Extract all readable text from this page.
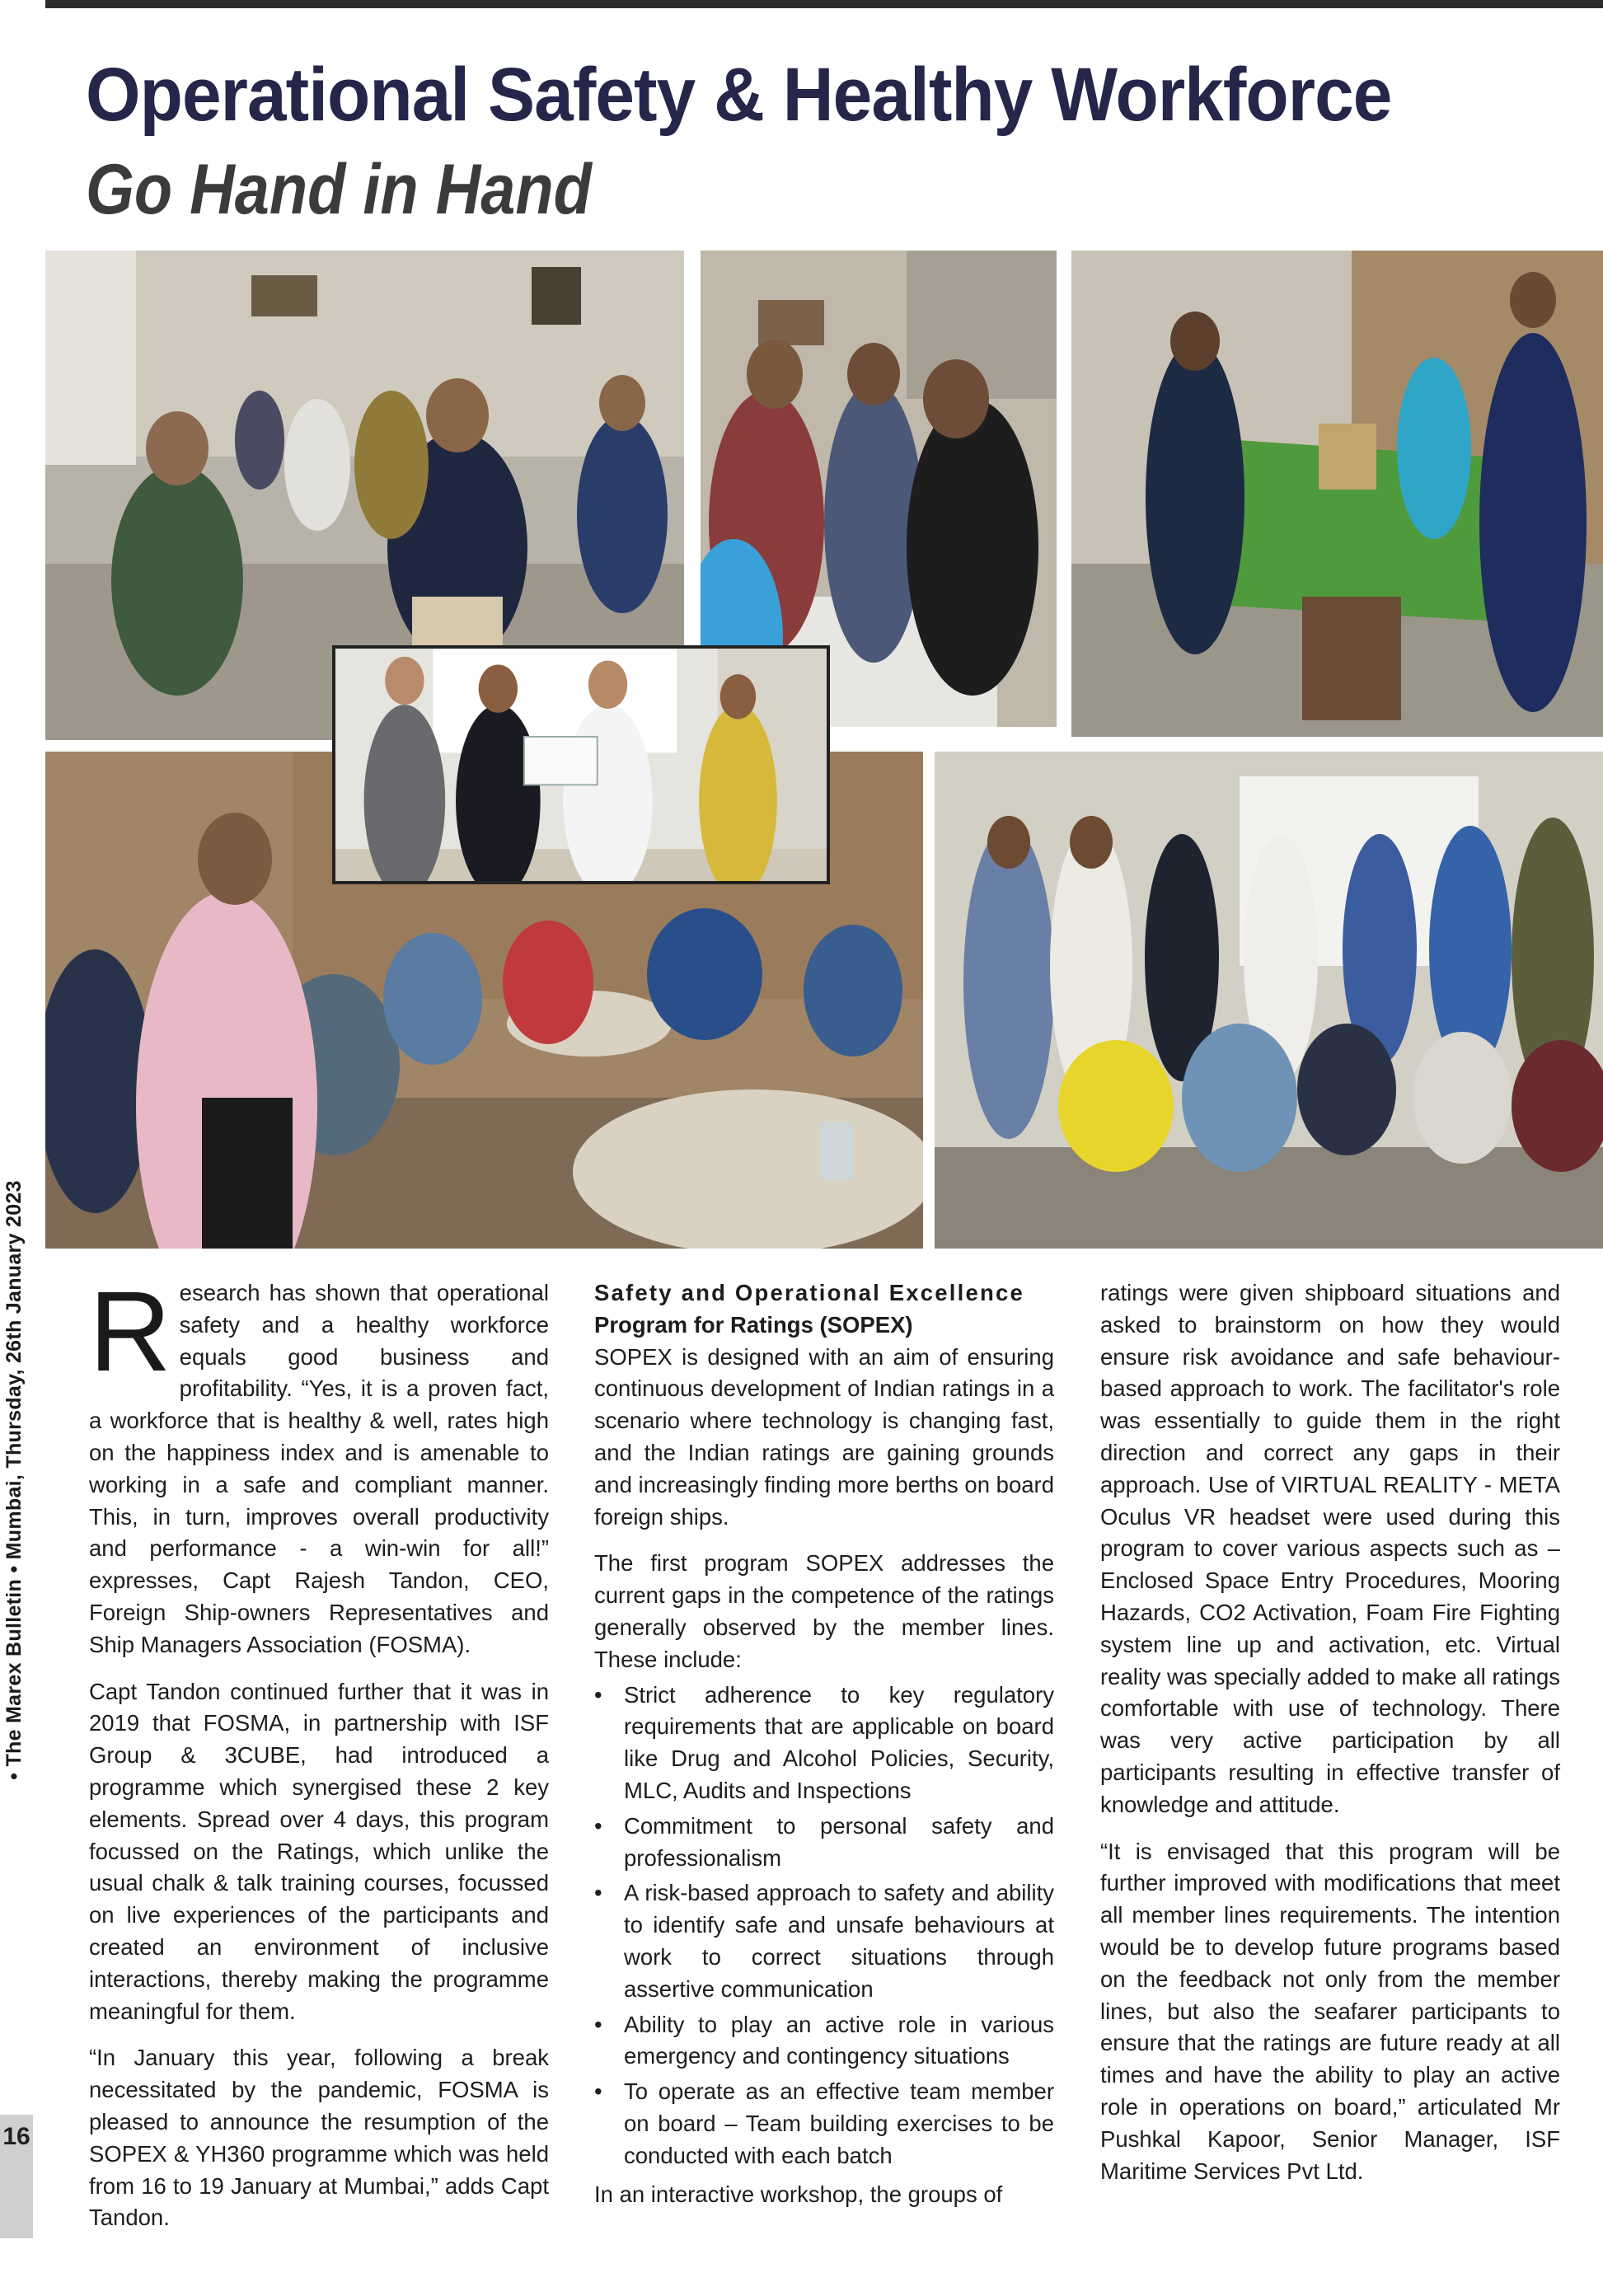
Operational Safety & Healthy Workforce
Go Hand in Hand
• The Marex Bulletin • Mumbai, Thursday, 26th January 2023
16

Research has shown that operational safety and a healthy workforce equals good business and profitability. “Yes, it is a proven fact, a workforce that is healthy & well, rates high on the happiness index and is amenable to working in a safe and compliant manner. This, in turn, improves overall productivity and performance - a win-win for all!” expresses, Capt Rajesh Tandon, CEO, Foreign Ship-owners Representatives and Ship Managers Association (FOSMA).

Capt Tandon continued further that it was in 2019 that FOSMA, in partnership with ISF Group & 3CUBE, had introduced a programme which synergised these 2 key elements. Spread over 4 days, this program focussed on the Ratings, which unlike the usual chalk & talk training courses, focussed on live experiences of the participants and created an environment of inclusive interactions, thereby making the programme meaningful for them.

“In January this year, following a break necessitated by the pandemic, FOSMA is pleased to announce the resumption of the SOPEX & YH360 programme which was held from 16 to 19 January at Mumbai,” adds Capt Tandon.

Safety and Operational Excellence
Program for Ratings (SOPEX)

SOPEX is designed with an aim of ensuring continuous development of Indian ratings in a scenario where technology is changing fast, and the Indian ratings are gaining grounds and increasingly finding more berths on board foreign ships.

The first program SOPEX addresses the current gaps in the competence of the ratings generally observed by the member lines. These include:

• Strict adherence to key regulatory requirements that are applicable on board like Drug and Alcohol Policies, Security, MLC, Audits and Inspections
• Commitment to personal safety and professionalism
• A risk-based approach to safety and ability to identify safe and unsafe behaviours at work to correct situations through assertive communication
• Ability to play an active role in various emergency and contingency situations
• To operate as an effective team member on board – Team building exercises to be conducted with each batch

In an interactive workshop, the groups of

ratings were given shipboard situations and asked to brainstorm on how they would ensure risk avoidance and safe behaviour-based approach to work. The facilitator's role was essentially to guide them in the right direction and correct any gaps in their approach. Use of VIRTUAL REALITY - META Oculus VR headset were used during this program to cover various aspects such as – Enclosed Space Entry Procedures, Mooring Hazards, CO2 Activation, Foam Fire Fighting system line up and activation, etc. Virtual reality was specially added to make all ratings comfortable with use of technology. There was very active participation by all participants resulting in effective transfer of knowledge and attitude.

“It is envisaged that this program will be further improved with modifications that meet all member lines requirements. The intention would be to develop future programs based on the feedback not only from the member lines, but also the seafarer participants to ensure that the ratings are future ready at all times and have the ability to play an active role in operations on board,” articulated Mr Pushkal Kapoor, Senior Manager, ISF Maritime Services Pvt Ltd.
